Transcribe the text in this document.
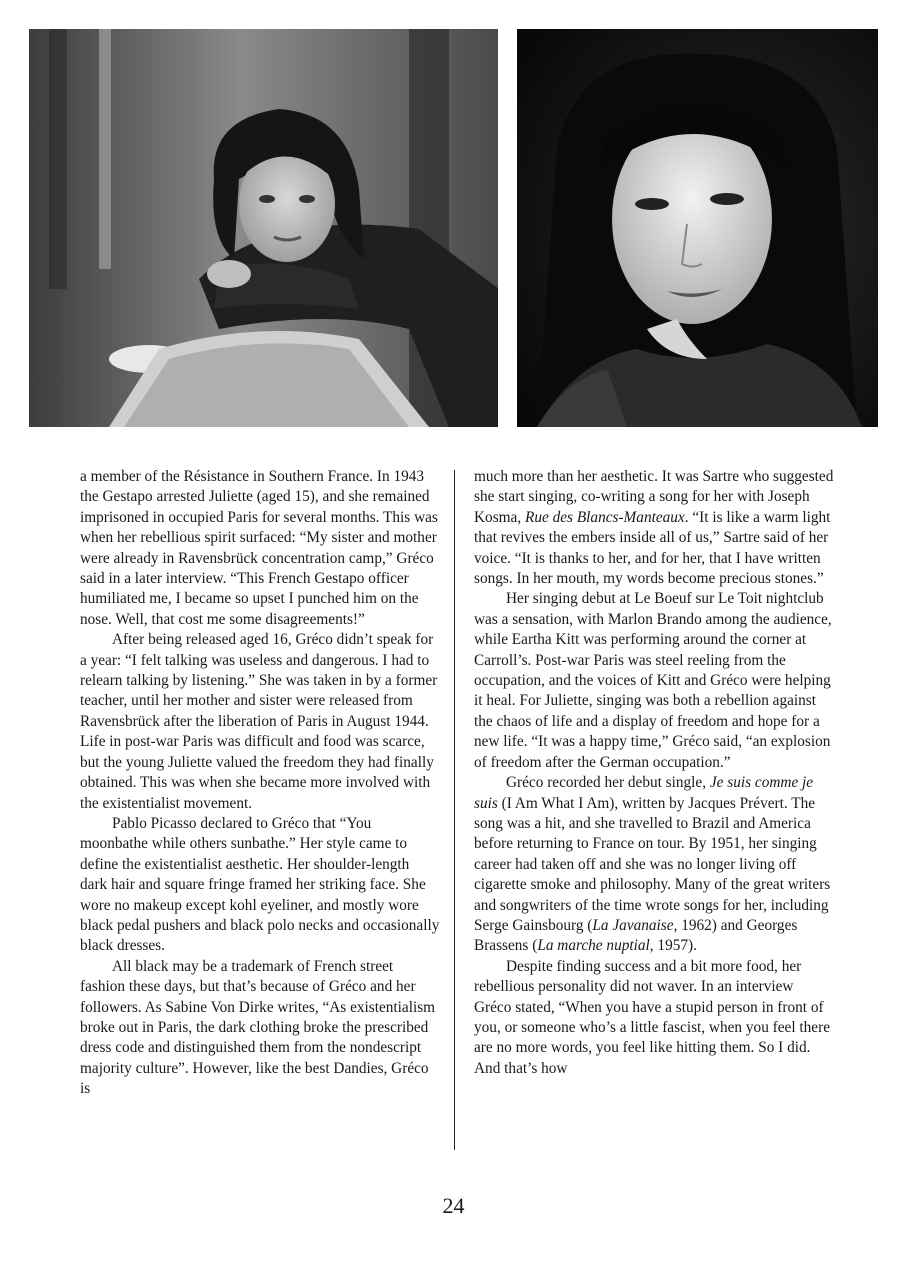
a member of the Résistance in Southern France. In 1943 the Gestapo arrested Juliette (aged 15), and she remained imprisoned in occupied Paris for several months. This was when her rebellious spirit surfaced: “My sister and mother were already in Ravensbrück concentration camp,” Gréco said in a later interview. “This French Gestapo officer humiliated me, I became so upset I punched him on the nose. Well, that cost me some disagreements!”

After being released aged 16, Gréco didn’t speak for a year: “I felt talking was useless and dangerous. I had to relearn talking by listening.” She was taken in by a former teacher, until her mother and sister were released from Ravensbrück after the liberation of Paris in August 1944. Life in post-war Paris was difficult and food was scarce, but the young Juliette valued the freedom they had finally obtained. This was when she became more involved with the existentialist movement.

Pablo Picasso declared to Gréco that “You moonbathe while others sunbathe.” Her style came to define the existentialist aesthetic. Her shoulder-length dark hair and square fringe framed her striking face. She wore no makeup except kohl eyeliner, and mostly wore black pedal pushers and black polo necks and occasionally black dresses.

All black may be a trademark of French street fashion these days, but that’s because of Gréco and her followers. As Sabine Von Dirke writes, “As existentialism broke out in Paris, the dark clothing broke the prescribed dress code and distinguished them from the nondescript majority culture”. However, like the best Dandies, Gréco is

much more than her aesthetic. It was Sartre who suggested she start singing, co-writing a song for her with Joseph Kosma, Rue des Blancs-Manteaux. “It is like a warm light that revives the embers inside all of us,” Sartre said of her voice. “It is thanks to her, and for her, that I have written songs. In her mouth, my words become precious stones.”

Her singing debut at Le Boeuf sur Le Toit nightclub was a sensation, with Marlon Brando among the audience, while Eartha Kitt was performing around the corner at Carroll’s. Post-war Paris was steel reeling from the occupation, and the voices of Kitt and Gréco were helping it heal. For Juliette, singing was both a rebellion against the chaos of life and a display of freedom and hope for a new life. “It was a happy time,” Gréco said, “an explosion of freedom after the German occupation.”

Gréco recorded her debut single, Je suis comme je suis (I Am What I Am), written by Jacques Prévert. The song was a hit, and she travelled to Brazil and America before returning to France on tour. By 1951, her singing career had taken off and she was no longer living off cigarette smoke and philosophy. Many of the great writers and songwriters of the time wrote songs for her, including Serge Gainsbourg (La Javanaise, 1962) and Georges Brassens (La marche nuptial, 1957).

Despite finding success and a bit more food, her rebellious personality did not waver. In an interview Gréco stated, “When you have a stupid person in front of you, or someone who’s a little fascist, when you feel there are no more words, you feel like hitting them. So I did. And that’s how

24
